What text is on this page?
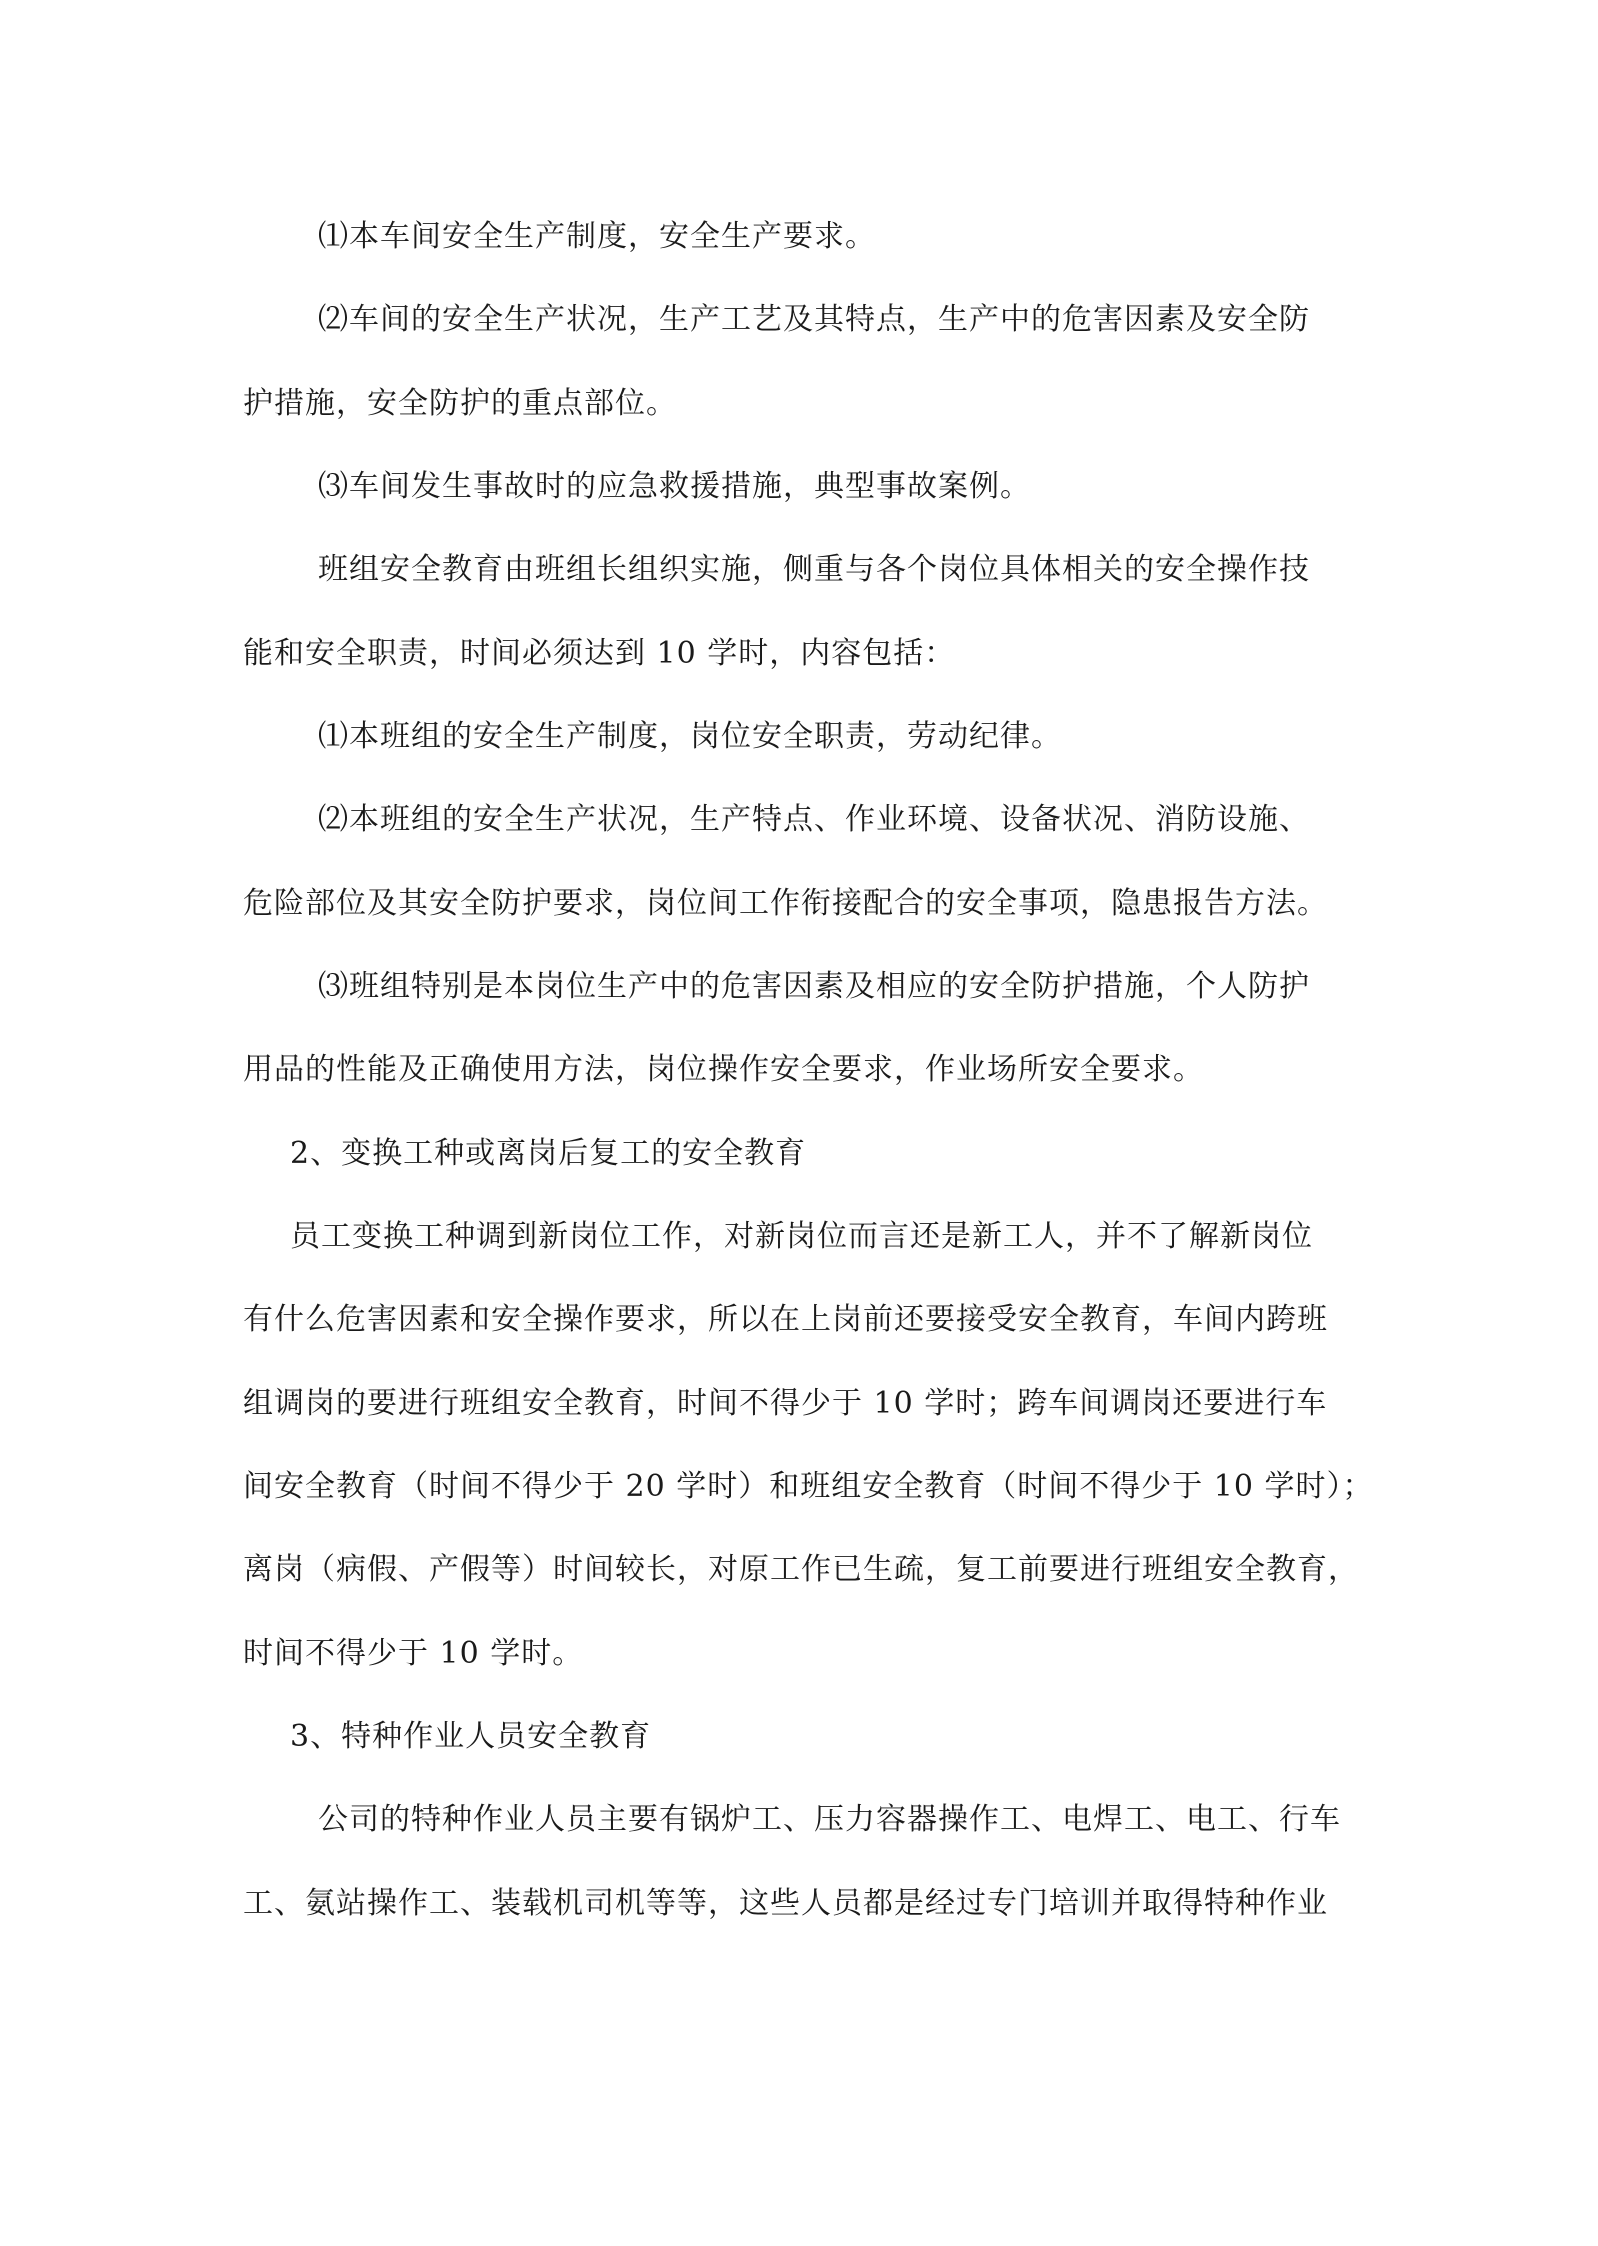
⑴本车间安全生产制度，安全生产要求。

⑵车间的安全生产状况，生产工艺及其特点，生产中的危害因素及安全防

护措施，安全防护的重点部位。

⑶车间发生事故时的应急救援措施，典型事故案例。

班组安全教育由班组长组织实施，侧重与各个岗位具体相关的安全操作技

能和安全职责，时间必须达到 10 学时，内容包括：

⑴本班组的安全生产制度，岗位安全职责，劳动纪律。

⑵本班组的安全生产状况，生产特点、作业环境、设备状况、消防设施、

危险部位及其安全防护要求，岗位间工作衔接配合的安全事项，隐患报告方法。

⑶班组特别是本岗位生产中的危害因素及相应的安全防护措施，个人防护

用品的性能及正确使用方法，岗位操作安全要求，作业场所安全要求。

2、变换工种或离岗后复工的安全教育

员工变换工种调到新岗位工作，对新岗位而言还是新工人，并不了解新岗位

有什么危害因素和安全操作要求，所以在上岗前还要接受安全教育，车间内跨班

组调岗的要进行班组安全教育，时间不得少于 10 学时；跨车间调岗还要进行车

间安全教育（时间不得少于 20 学时）和班组安全教育（时间不得少于 10 学时）；

离岗（病假、产假等）时间较长，对原工作已生疏，复工前要进行班组安全教育，

时间不得少于 10 学时。

3、特种作业人员安全教育

公司的特种作业人员主要有锅炉工、压力容器操作工、电焊工、电工、行车

工、氨站操作工、装载机司机等等，这些人员都是经过专门培训并取得特种作业
